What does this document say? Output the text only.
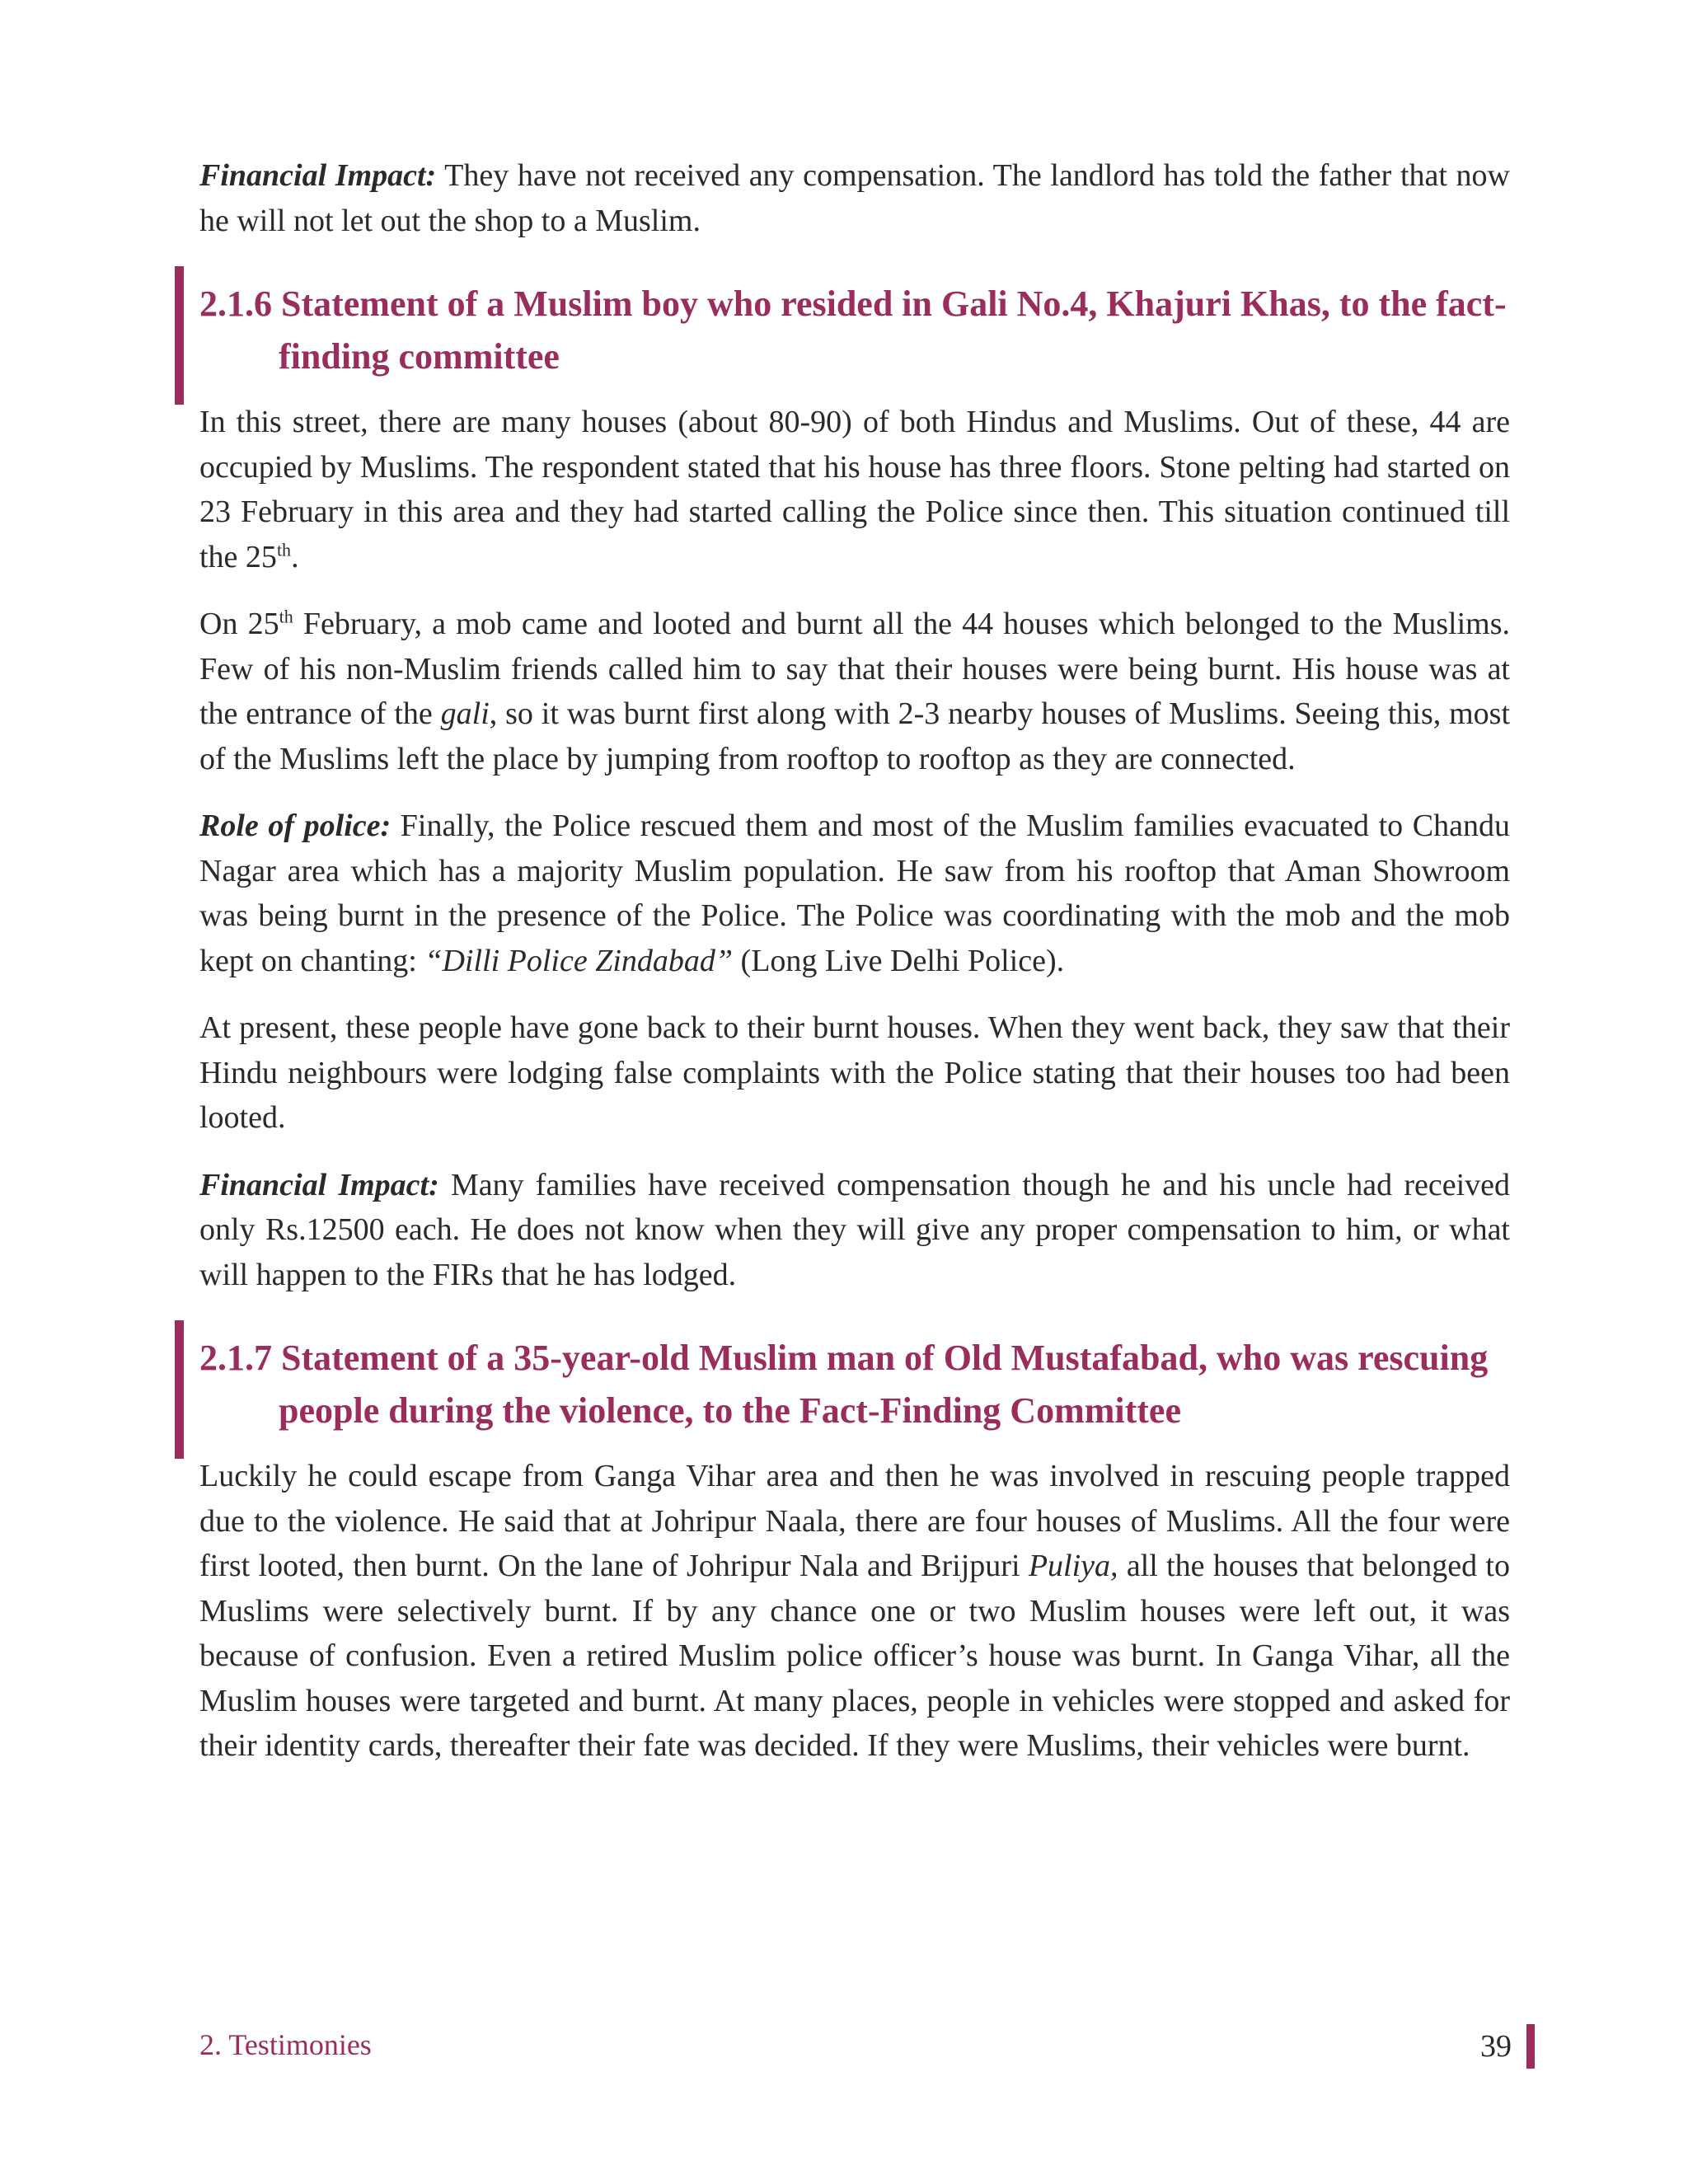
Financial Impact: They have not received any compensation. The landlord has told the father that now he will not let out the shop to a Muslim.

2.1.6 Statement of a Muslim boy who resided in Gali No.4, Khajuri Khas, to the fact-finding committee

In this street, there are many houses (about 80-90) of both Hindus and Muslims. Out of these, 44 are occupied by Muslims. The respondent stated that his house has three floors. Stone pelting had started on 23 February in this area and they had started calling the Police since then. This situation continued till the 25th.

On 25th February, a mob came and looted and burnt all the 44 houses which belonged to the Muslims. Few of his non-Muslim friends called him to say that their houses were being burnt. His house was at the entrance of the gali, so it was burnt first along with 2-3 nearby houses of Muslims. Seeing this, most of the Muslims left the place by jumping from rooftop to rooftop as they are connected.

Role of police: Finally, the Police rescued them and most of the Muslim families evacuated to Chandu Nagar area which has a majority Muslim population. He saw from his rooftop that Aman Showroom was being burnt in the presence of the Police. The Police was coordinating with the mob and the mob kept on chanting: “Dilli Police Zindabad” (Long Live Delhi Police).

At present, these people have gone back to their burnt houses. When they went back, they saw that their Hindu neighbours were lodging false complaints with the Police stating that their houses too had been looted.

Financial Impact: Many families have received compensation though he and his uncle had received only Rs.12500 each. He does not know when they will give any proper compensation to him, or what will happen to the FIRs that he has lodged.

2.1.7 Statement of a 35-year-old Muslim man of Old Mustafabad, who was rescuing people during the violence, to the Fact-Finding Committee

Luckily he could escape from Ganga Vihar area and then he was involved in rescuing people trapped due to the violence. He said that at Johripur Naala, there are four houses of Muslims. All the four were first looted, then burnt. On the lane of Johripur Nala and Brijpuri Puliya, all the houses that belonged to Muslims were selectively burnt. If by any chance one or two Muslim houses were left out, it was because of confusion. Even a retired Muslim police officer’s house was burnt. In Ganga Vihar, all the Muslim houses were targeted and burnt. At many places, people in vehicles were stopped and asked for their identity cards, thereafter their fate was decided. If they were Muslims, their vehicles were burnt.

2. Testimonies	39
